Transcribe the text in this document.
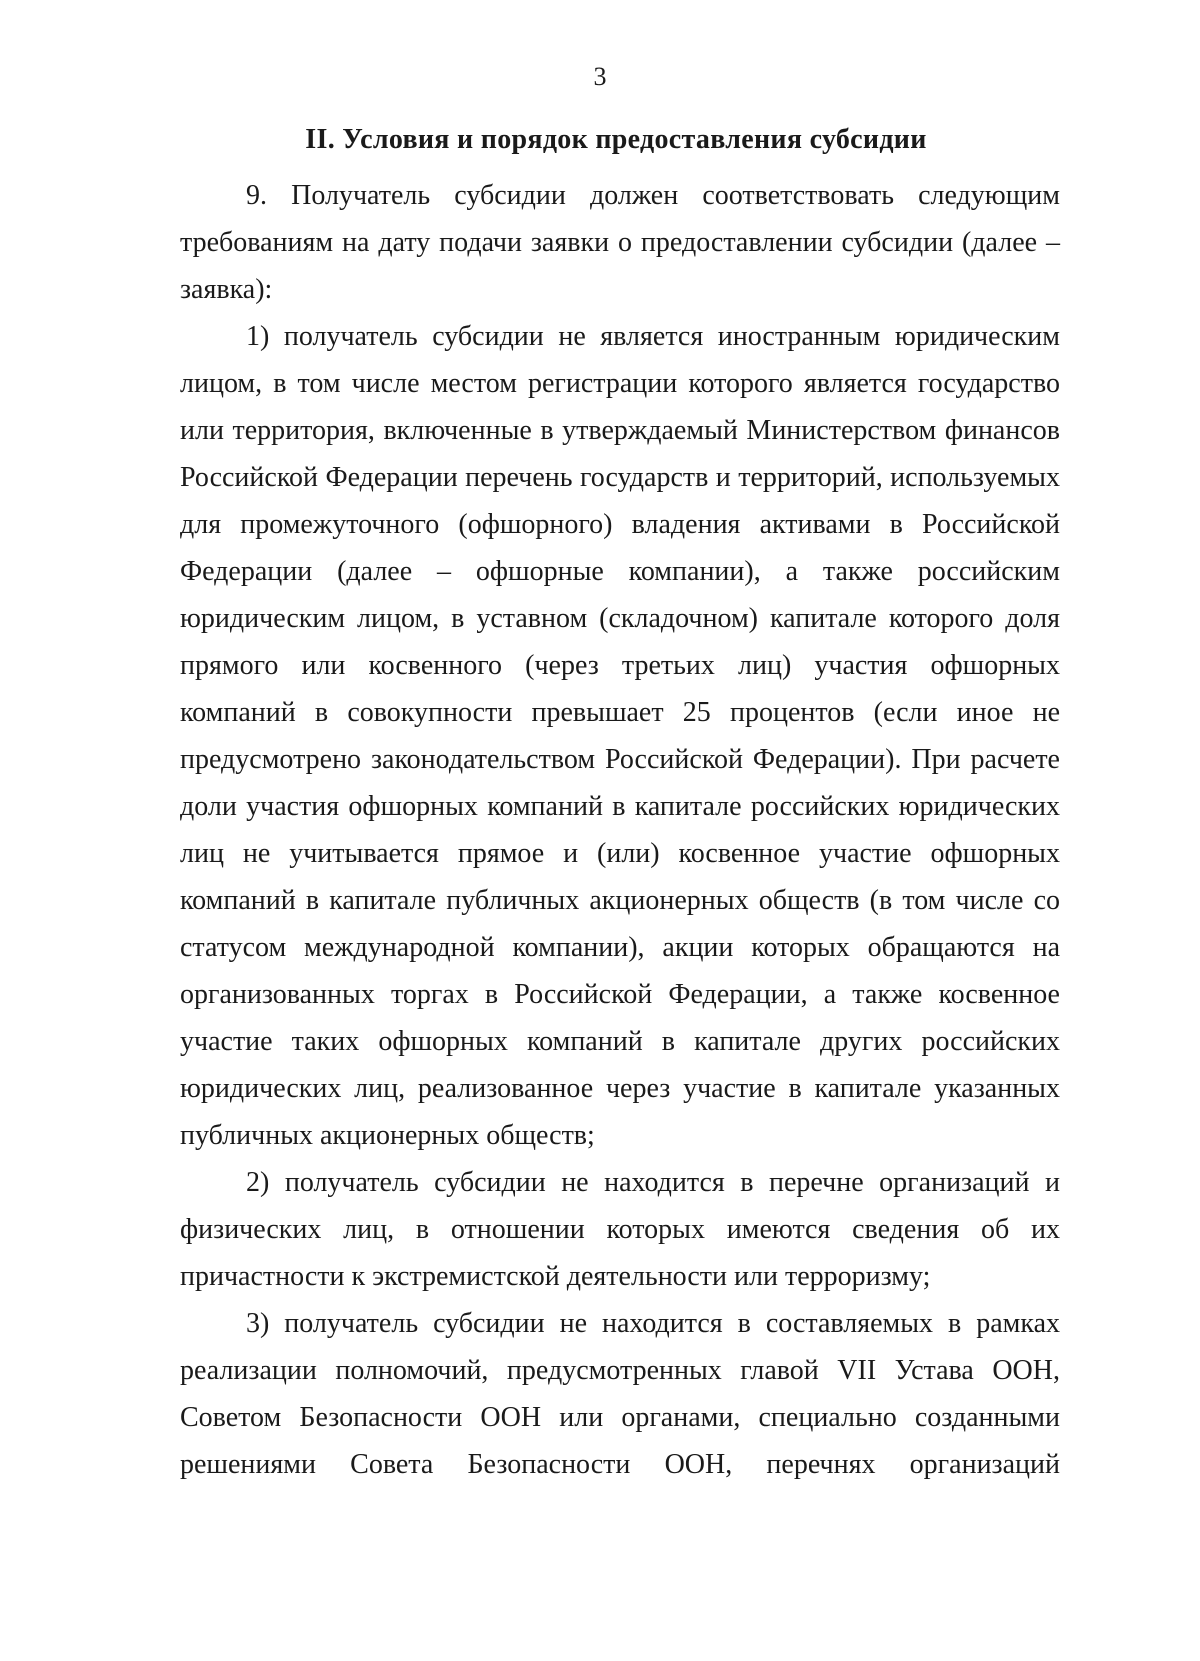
3
II. Условия и порядок предоставления субсидии

9. Получатель субсидии должен соответствовать следующим требованиям на дату подачи заявки о предоставлении субсидии (далее – заявка):

1) получатель субсидии не является иностранным юридическим лицом, в том числе местом регистрации которого является государство или территория, включенные в утверждаемый Министерством финансов Российской Федерации перечень государств и территорий, используемых для промежуточного (офшорного) владения активами в Российской Федерации (далее – офшорные компании), а также российским юридическим лицом, в уставном (складочном) капитале которого доля прямого или косвенного (через третьих лиц) участия офшорных компаний в совокупности превышает 25 процентов (если иное не предусмотрено законодательством Российской Федерации). При расчете доли участия офшорных компаний в капитале российских юридических лиц не учитывается прямое и (или) косвенное участие офшорных компаний в капитале публичных акционерных обществ (в том числе со статусом международной компании), акции которых обращаются на организованных торгах в Российской Федерации, а также косвенное участие таких офшорных компаний в капитале других российских юридических лиц, реализованное через участие в капитале указанных публичных акционерных обществ;

2) получатель субсидии не находится в перечне организаций и физических лиц, в отношении которых имеются сведения об их причастности к экстремистской деятельности или терроризму;

3) получатель субсидии не находится в составляемых в рамках реализации полномочий, предусмотренных главой VII Устава ООН, Советом Безопасности ООН или органами, специально созданными решениями Совета Безопасности ООН, перечнях организаций
